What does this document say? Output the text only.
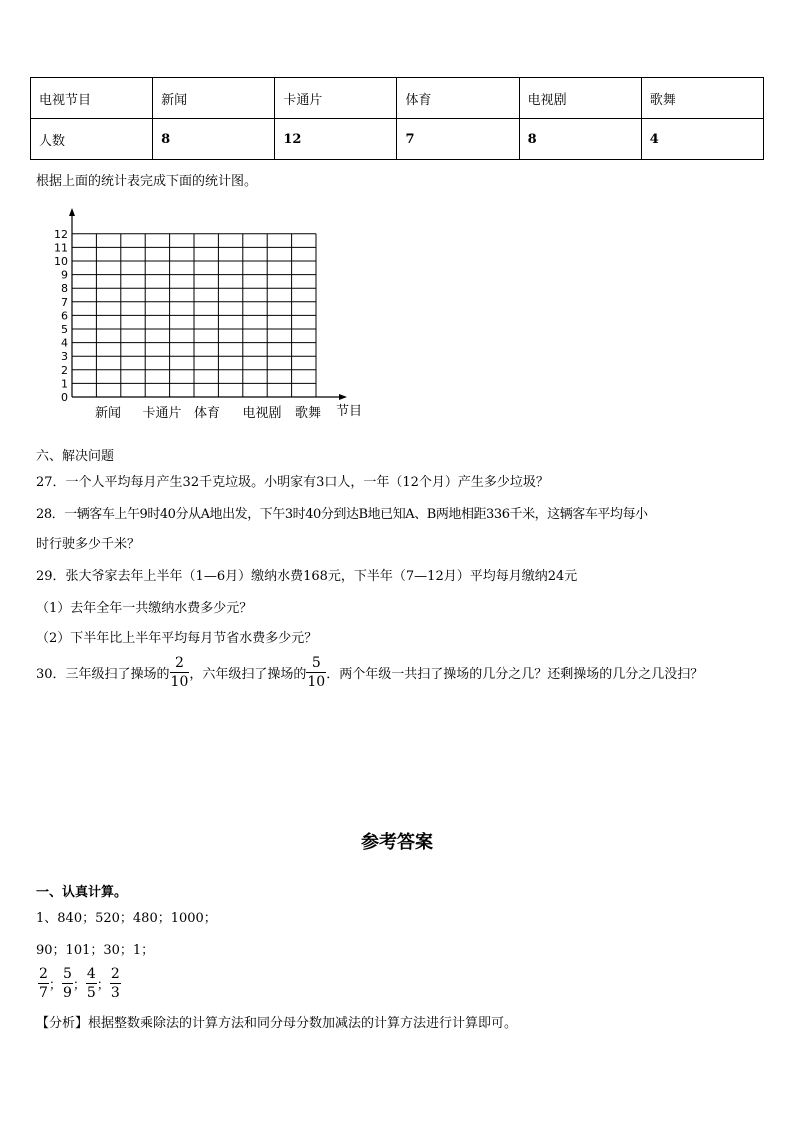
电视节目	新闻	卡通片	体育	电视剧	歌舞
人数	8	12	7	8	4
根据上面的统计表完成下面的统计图。
0
1
2
3
4
5
6
7
8
9
10
11
12
新闻 卡通片 体育 电视剧 歌舞 节目
六、解决问题
27．一个人平均每月产生32千克垃圾。小明家有3口人，一年（12个月）产生多少垃圾？
28．一辆客车上午9时40分从A地出发，下午3时40分到达B地已知A、B两地相距336千米，这辆客车平均每小
时行驶多少千米？
29．张大爷家去年上半年（1—6月）缴纳水费168元，下半年（7—12月）平均每月缴纳24元
（1）去年全年一共缴纳水费多少元？
（2）下半年比上半年平均每月节省水费多少元？
30．三年级扫了操场的 $\frac{2}{10}$ ，六年级扫了操场的 $\frac{5}{10}$ ．两个年级一共扫了操场的几分之几？还剩操场的几分之几没扫？
参考答案
一、认真计算。
1、840；520；480；1000；
90；101；30；1；
$\frac{2}{7}$ ； $\frac{5}{9}$ ； $\frac{4}{5}$ ； $\frac{2}{3}$
【分析】根据整数乘除法的计算方法和同分母分数加减法的计算方法进行计算即可。
